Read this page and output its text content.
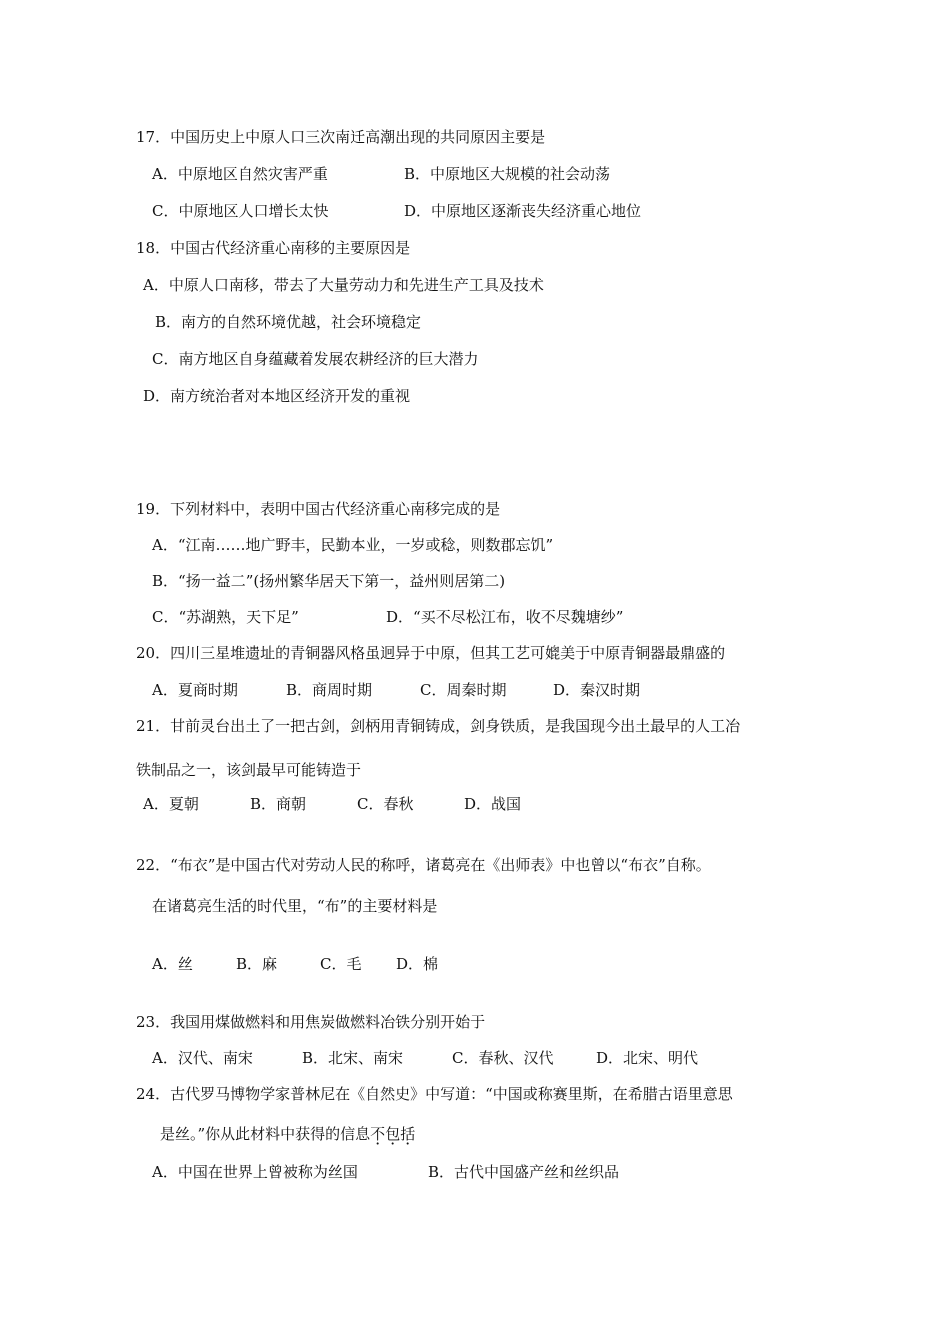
17．中国历史上中原人口三次南迁高潮出现的共同原因主要是
A．中原地区自然灾害严重	B．中原地区大规模的社会动荡
C．中原地区人口增长太快	D．中原地区逐渐丧失经济重心地位
18．中国古代经济重心南移的主要原因是
A．中原人口南移，带去了大量劳动力和先进生产工具及技术
B．南方的自然环境优越，社会环境稳定
C．南方地区自身蕴藏着发展农耕经济的巨大潜力
D．南方统治者对本地区经济开发的重视
19．下列材料中，表明中国古代经济重心南移完成的是
A．“江南……地广野丰，民勤本业，一岁或稔，则数郡忘饥”
B．“扬一益二”(扬州繁华居天下第一，益州则居第二)
C．“苏湖熟，天下足”	D．“买不尽松江布，收不尽魏塘纱”
20．四川三星堆遗址的青铜器风格虽迥异于中原，但其工艺可媲美于中原青铜器最鼎盛的
A．夏商时期	B．商周时期	C．周秦时期	D．秦汉时期
21．甘前灵台出土了一把古剑，剑柄用青铜铸成，剑身铁质，是我国现今出土最早的人工冶
铁制品之一，该剑最早可能铸造于
A．夏朝	B．商朝	C．春秋	D．战国
22．“布衣”是中国古代对劳动人民的称呼，诸葛亮在《出师表》中也曾以“布衣”自称。
在诸葛亮生活的时代里，“布”的主要材料是
A．丝	B．麻	C．毛 D．棉
23．我国用煤做燃料和用焦炭做燃料冶铁分别开始于
A．汉代、南宋	B．北宋、南宋	C．春秋、汉代	D．北宋、明代
24．古代罗马博物学家普林尼在《自然史》中写道：“中国或称赛里斯，在希腊古语里意思
是丝。”你从此材料中获得的信息不包括
A．中国在世界上曾被称为丝国	B．古代中国盛产丝和丝织品
